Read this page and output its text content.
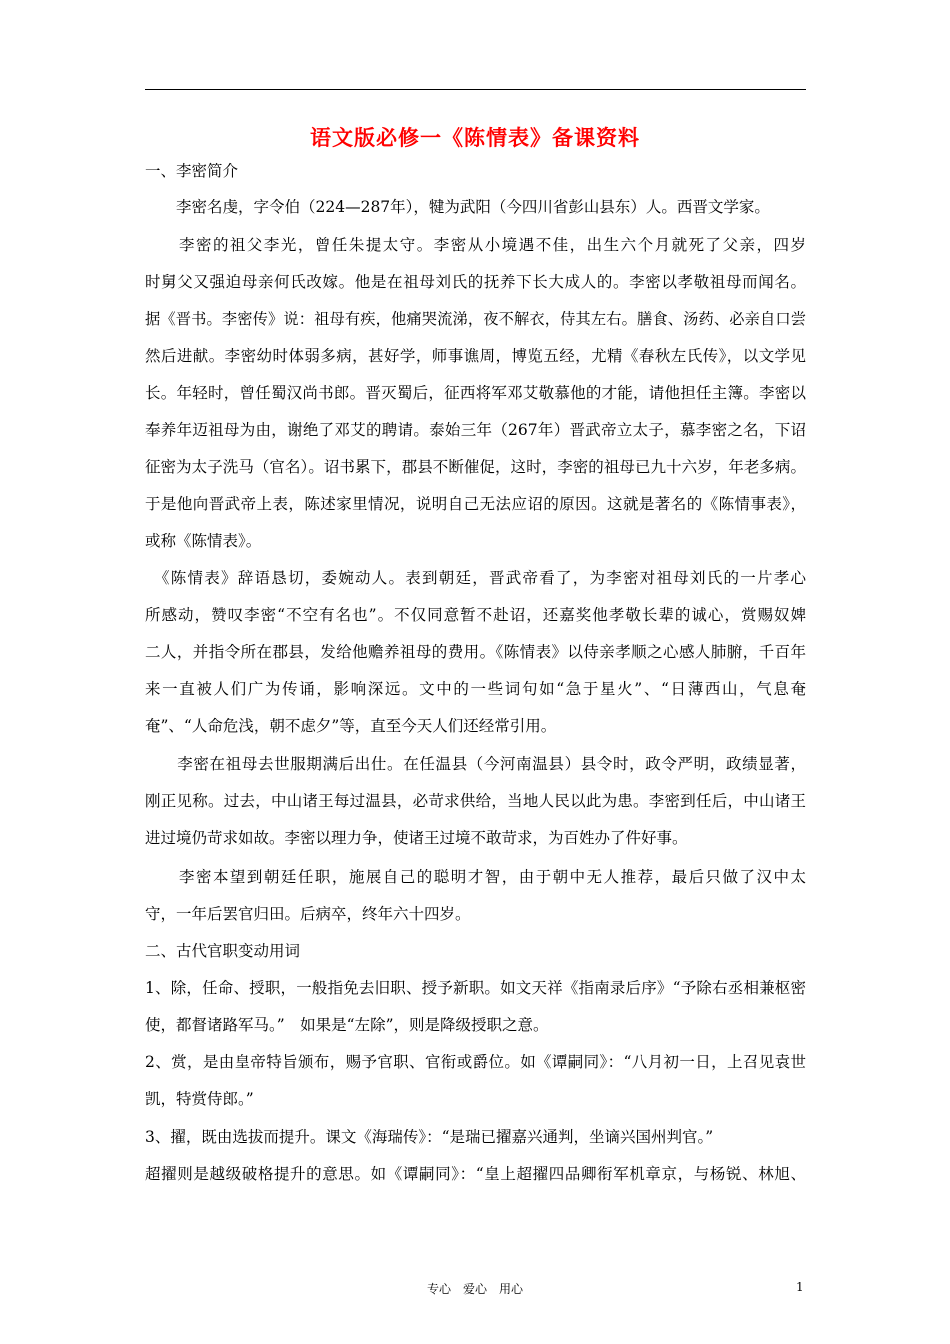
语文版必修一《陈情表》备课资料
一、李密简介
　　李密名虔，字令伯（224—287年），犍为武阳（今四川省彭山县东）人。西晋文学家。
　　李密的祖父李光，曾任朱提太守。李密从小境遇不佳，出生六个月就死了父亲，四岁
时舅父又强迫母亲何氏改嫁。他是在祖母刘氏的抚养下长大成人的。李密以孝敬祖母而闻名。
据《晋书。李密传》说：祖母有疾，他痛哭流涕，夜不解衣，侍其左右。膳食、汤药、必亲自口尝
然后进献。李密幼时体弱多病，甚好学，师事谯周，博览五经，尤精《春秋左氏传》，以文学见
长。年轻时，曾任蜀汉尚书郎。晋灭蜀后，征西将军邓艾敬慕他的才能，请他担任主簿。李密以
奉养年迈祖母为由，谢绝了邓艾的聘请。泰始三年（267年）晋武帝立太子，慕李密之名，下诏
征密为太子洗马（官名）。诏书累下，郡县不断催促，这时，李密的祖母已九十六岁，年老多病。
于是他向晋武帝上表，陈述家里情况，说明自己无法应诏的原因。这就是著名的《陈情事表》，
或称《陈情表》。
　《陈情表》辞语恳切，委婉动人。表到朝廷，晋武帝看了，为李密对祖母刘氏的一片孝心
所感动，赞叹李密“不空有名也”。不仅同意暂不赴诏，还嘉奖他孝敬长辈的诚心，赏赐奴婢
二人，并指令所在郡县，发给他赡养祖母的费用。《陈情表》以侍亲孝顺之心感人肺腑，千百年
来一直被人们广为传诵，影响深远。文中的一些词句如“急于星火”、“日薄西山，气息奄
奄”、“人命危浅，朝不虑夕”等，直至今天人们还经常引用。
　　李密在祖母去世服期满后出仕。在任温县（今河南温县）县令时，政令严明，政绩显著，
刚正见称。过去，中山诸王每过温县，必苛求供给，当地人民以此为患。李密到任后，中山诸王
进过境仍苛求如故。李密以理力争，使诸王过境不敢苛求，为百姓办了件好事。
　　李密本望到朝廷任职，施展自己的聪明才智，由于朝中无人推荐，最后只做了汉中太
守，一年后罢官归田。后病卒，终年六十四岁。
二、古代官职变动用词
1、除，任命、授职，一般指免去旧职、授予新职。如文天祥《指南录后序》“予除右丞相兼枢密
使，都督诸路军马。”　如果是“左除”，则是降级授职之意。
2、赏，是由皇帝特旨颁布，赐予官职、官衔或爵位。如《谭嗣同》：“八月初一日，上召见袁世
凯，特赏侍郎。”
3、擢，既由选拔而提升。课文《海瑞传》：“是瑞已擢嘉兴通判，坐谪兴国州判官。”
超擢则是越级破格提升的意思。如《谭嗣同》：“皇上超擢四品卿衔军机章京，与杨锐、林旭、
专心　爱心　用心	1
